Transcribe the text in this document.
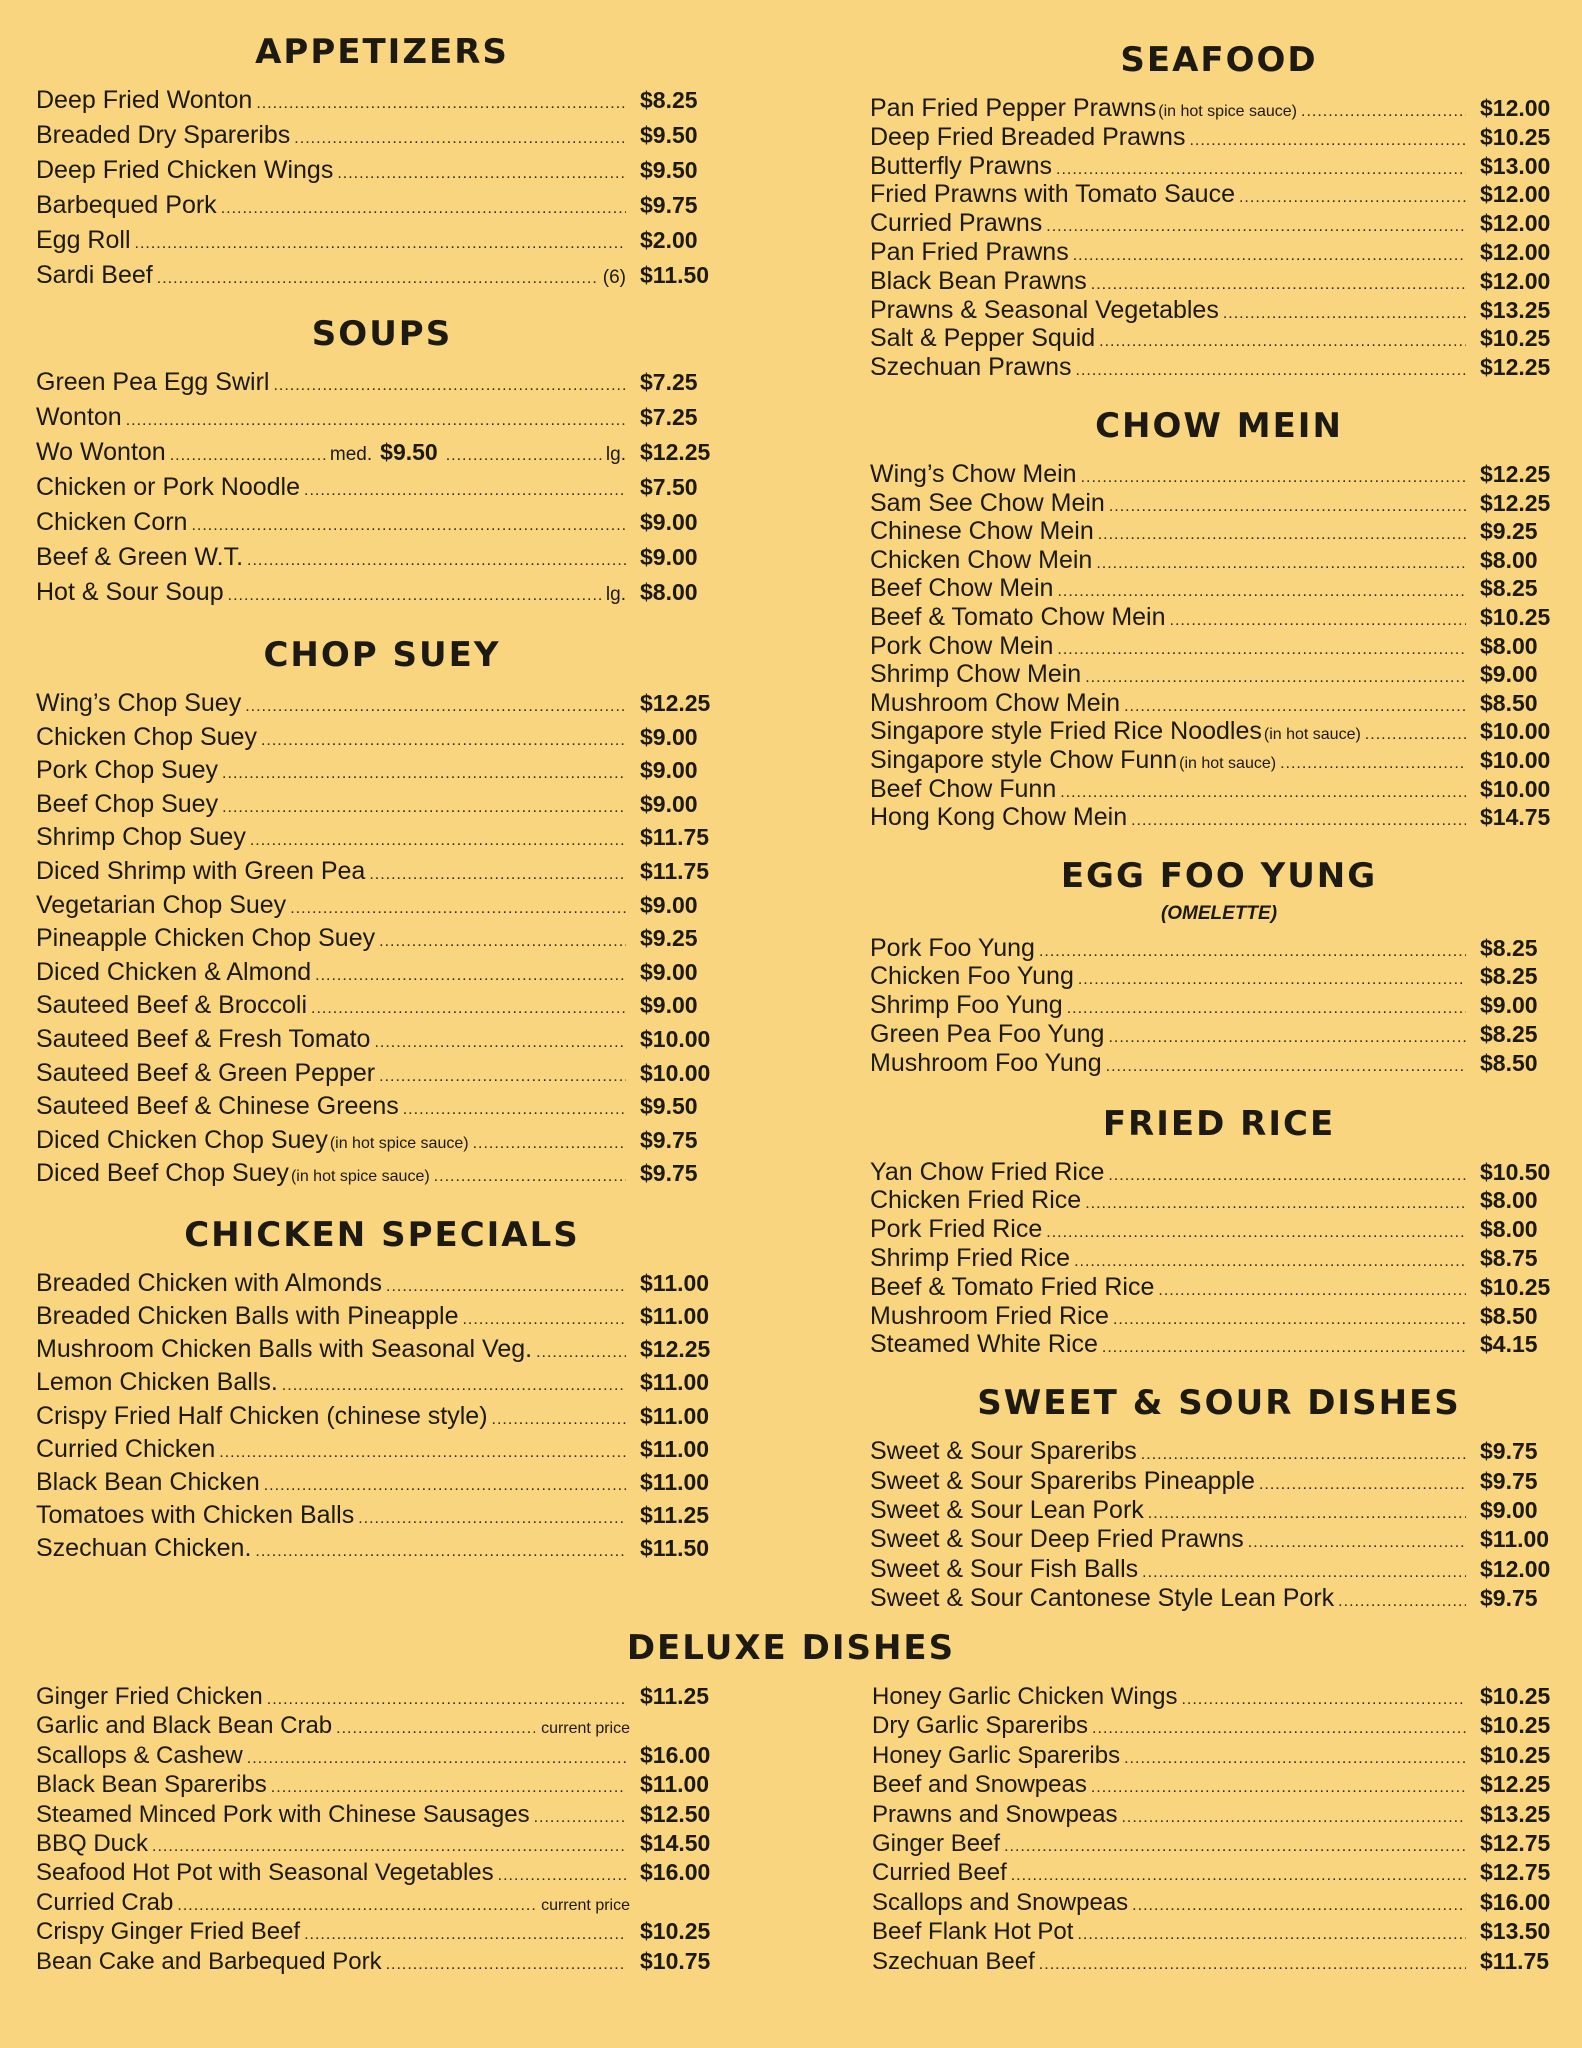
APPETIZERS
Deep Fried Wonton .....	$8.25
Breaded Dry Spareribs .....	$9.50
Deep Fried Chicken Wings .....	$9.50
Barbequed Pork .....	$9.75
Egg Roll .....	$2.00
Sardi Beef .....	(6) $11.50
SOUPS
Green Pea Egg Swirl .....	$7.25
Wonton .....	$7.25
Wo Wonton .....	med. $9.50 .....	lg. $12.25
Chicken or Pork Noodle .....	$7.50
Chicken Corn .....	$9.00
Beef & Green W.T. .....	$9.00
Hot & Sour Soup .....	lg. $8.00
CHOP SUEY
Wing’s Chop Suey .....	$12.25
Chicken Chop Suey .....	$9.00
Pork Chop Suey .....	$9.00
Beef Chop Suey .....	$9.00
Shrimp Chop Suey .....	$11.75
Diced Shrimp with Green Pea .....	$11.75
Vegetarian Chop Suey .....	$9.00
Pineapple Chicken Chop Suey .....	$9.25
Diced Chicken & Almond .....	$9.00
Sauteed Beef & Broccoli .....	$9.00
Sauteed Beef & Fresh Tomato .....	$10.00
Sauteed Beef & Green Pepper .....	$10.00
Sauteed Beef & Chinese Greens .....	$9.50
Diced Chicken Chop Suey (in hot spice sauce) .....	$9.75
Diced Beef Chop Suey (in hot spice sauce) .....	$9.75
CHICKEN SPECIALS
Breaded Chicken with Almonds .....	$11.00
Breaded Chicken Balls with Pineapple .....	$11.00
Mushroom Chicken Balls with Seasonal Veg. .....	$12.25
Lemon Chicken Balls. .....	$11.00
Crispy Fried Half Chicken (chinese style) .....	$11.00
Curried Chicken .....	$11.00
Black Bean Chicken .....	$11.00
Tomatoes with Chicken Balls .....	$11.25
Szechuan Chicken. .....	$11.50
SEAFOOD
Pan Fried Pepper Prawns (in hot spice sauce) .....	$12.00
Deep Fried Breaded Prawns .....	$10.25
Butterfly Prawns .....	$13.00
Fried Prawns with Tomato Sauce .....	$12.00
Curried Prawns .....	$12.00
Pan Fried Prawns .....	$12.00
Black Bean Prawns .....	$12.00
Prawns & Seasonal Vegetables .....	$13.25
Salt & Pepper Squid .....	$10.25
Szechuan Prawns .....	$12.25
CHOW MEIN
Wing’s Chow Mein .....	$12.25
Sam See Chow Mein .....	$12.25
Chinese Chow Mein .....	$9.25
Chicken Chow Mein .....	$8.00
Beef Chow Mein .....	$8.25
Beef & Tomato Chow Mein .....	$10.25
Pork Chow Mein .....	$8.00
Shrimp Chow Mein .....	$9.00
Mushroom Chow Mein .....	$8.50
Singapore style Fried Rice Noodles (in hot sauce) .....	$10.00
Singapore style Chow Funn (in hot sauce) .....	$10.00
Beef Chow Funn .....	$10.00
Hong Kong Chow Mein .....	$14.75
EGG FOO YUNG
(OMELETTE)
Pork Foo Yung .....	$8.25
Chicken Foo Yung .....	$8.25
Shrimp Foo Yung .....	$9.00
Green Pea Foo Yung .....	$8.25
Mushroom Foo Yung .....	$8.50
FRIED RICE
Yan Chow Fried Rice .....	$10.50
Chicken Fried Rice .....	$8.00
Pork Fried Rice .....	$8.00
Shrimp Fried Rice .....	$8.75
Beef & Tomato Fried Rice .....	$10.25
Mushroom Fried Rice .....	$8.50
Steamed White Rice .....	$4.15
SWEET & SOUR DISHES
Sweet & Sour Spareribs .....	$9.75
Sweet & Sour Spareribs Pineapple .....	$9.75
Sweet & Sour Lean Pork .....	$9.00
Sweet & Sour Deep Fried Prawns .....	$11.00
Sweet & Sour Fish Balls .....	$12.00
Sweet & Sour Cantonese Style Lean Pork .....	$9.75
DELUXE DISHES
Ginger Fried Chicken .....	$11.25
Garlic and Black Bean Crab .....	current price
Scallops & Cashew .....	$16.00
Black Bean Spareribs .....	$11.00
Steamed Minced Pork with Chinese Sausages .....	$12.50
BBQ Duck .....	$14.50
Seafood Hot Pot with Seasonal Vegetables .....	$16.00
Curried Crab .....	current price
Crispy Ginger Fried Beef .....	$10.25
Bean Cake and Barbequed Pork .....	$10.75
Honey Garlic Chicken Wings .....	$10.25
Dry Garlic Spareribs .....	$10.25
Honey Garlic Spareribs .....	$10.25
Beef and Snowpeas .....	$12.25
Prawns and Snowpeas .....	$13.25
Ginger Beef .....	$12.75
Curried Beef .....	$12.75
Scallops and Snowpeas .....	$16.00
Beef Flank Hot Pot .....	$13.50
Szechuan Beef .....	$11.75
